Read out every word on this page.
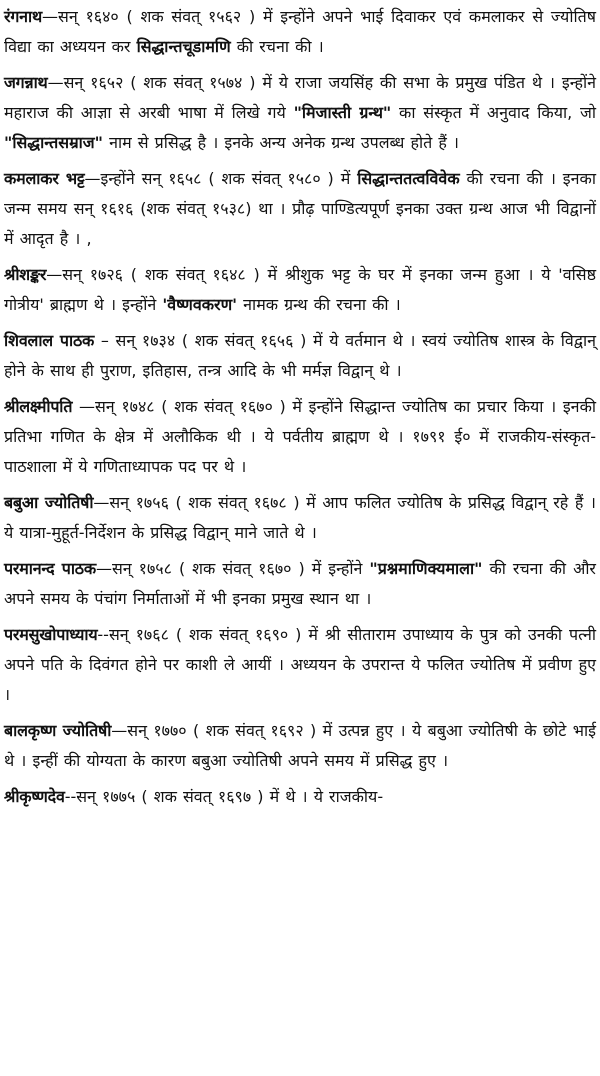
रंगनाथ—सन् १६४० ( शक संवत् १५६२ ) में इन्होंने अपने भाई दिवाकर एवं कमलाकर से ज्योतिष विद्या का अध्ययन कर सिद्धान्तचूडामणि की रचना की ।

जगन्नाथ—सन् १६५२ ( शक संवत् १५७४ ) में ये राजा जयसिंह की सभा के प्रमुख पंडित थे । इन्होंने महाराज की आज्ञा से अरबी भाषा में लिखे गये "मिजास्ती ग्रन्थ" का संस्कृत में अनुवाद किया, जो "सिद्धान्तसम्राज" नाम से प्रसिद्ध है । इनके अन्य अनेक ग्रन्थ उपलब्ध होते हैं ।

कमलाकर भट्ट—इन्होंने सन् १६५८ ( शक संवत् १५८० ) में सिद्धान्ततत्वविवेक की रचना की । इनका जन्म समय सन् १६१६ (शक संवत् १५३८) था । प्रौढ़ पाण्डित्यपूर्ण इनका उक्त ग्रन्थ आज भी विद्वानों में आदृत है । ,

श्रीशङ्कर—सन् १७२६ ( शक संवत् १६४८ ) में श्रीशुक भट्ट के घर में इनका जन्म हुआ । ये 'वसिष्ठ गोत्रीय' ब्राह्मण थे । इन्होंने 'वैष्णवकरण' नामक ग्रन्थ की रचना की ।

शिवलाल पाठक – सन् १७३४ ( शक संवत् १६५६ ) में ये वर्तमान थे । स्वयं ज्योतिष शास्त्र के विद्वान् होने के साथ ही पुराण, इतिहास, तन्त्र आदि के भी मर्मज्ञ विद्वान् थे ।

श्रीलक्ष्मीपति —सन् १७४८ ( शक संवत् १६७० ) में इन्होंने सिद्धान्त ज्योतिष का प्रचार किया । इनकी प्रतिभा गणित के क्षेत्र में अलौकिक थी । ये पर्वतीय ब्राह्मण थे । १७९१ ई० में राजकीय-संस्कृत-पाठशाला में ये गणिताध्यापक पद पर थे ।

बबुआ ज्योतिषी—सन् १७५६ ( शक संवत् १६७८ ) में आप फलित ज्योतिष के प्रसिद्ध विद्वान् रहे हैं । ये यात्रा-मुहूर्त-निर्देशन के प्रसिद्ध विद्वान् माने जाते थे ।

परमानन्द पाठक—सन् १७५८ ( शक संवत् १६७० ) में इन्होंने "प्रश्नमाणिक्यमाला" की रचना की और अपने समय के पंचांग निर्माताओं में भी इनका प्रमुख स्थान था ।

परमसुखोपाध्याय--सन् १७६८ ( शक संवत् १६९० ) में श्री सीताराम उपाध्याय के पुत्र को उनकी पत्नी अपने पति के दिवंगत होने पर काशी ले आयीं । अध्ययन के उपरान्त ये फलित ज्योतिष में प्रवीण हुए ।

बालकृष्ण ज्योतिषी—सन् १७७० ( शक संवत् १६९२ ) में उत्पन्न हुए । ये बबुआ ज्योतिषी के छोटे भाई थे । इन्हीं की योग्यता के कारण बबुआ ज्योतिषी अपने समय में प्रसिद्ध हुए ।

श्रीकृष्णदेव--सन् १७७५ ( शक संवत् १६९७ ) में थे । ये राजकीय-
